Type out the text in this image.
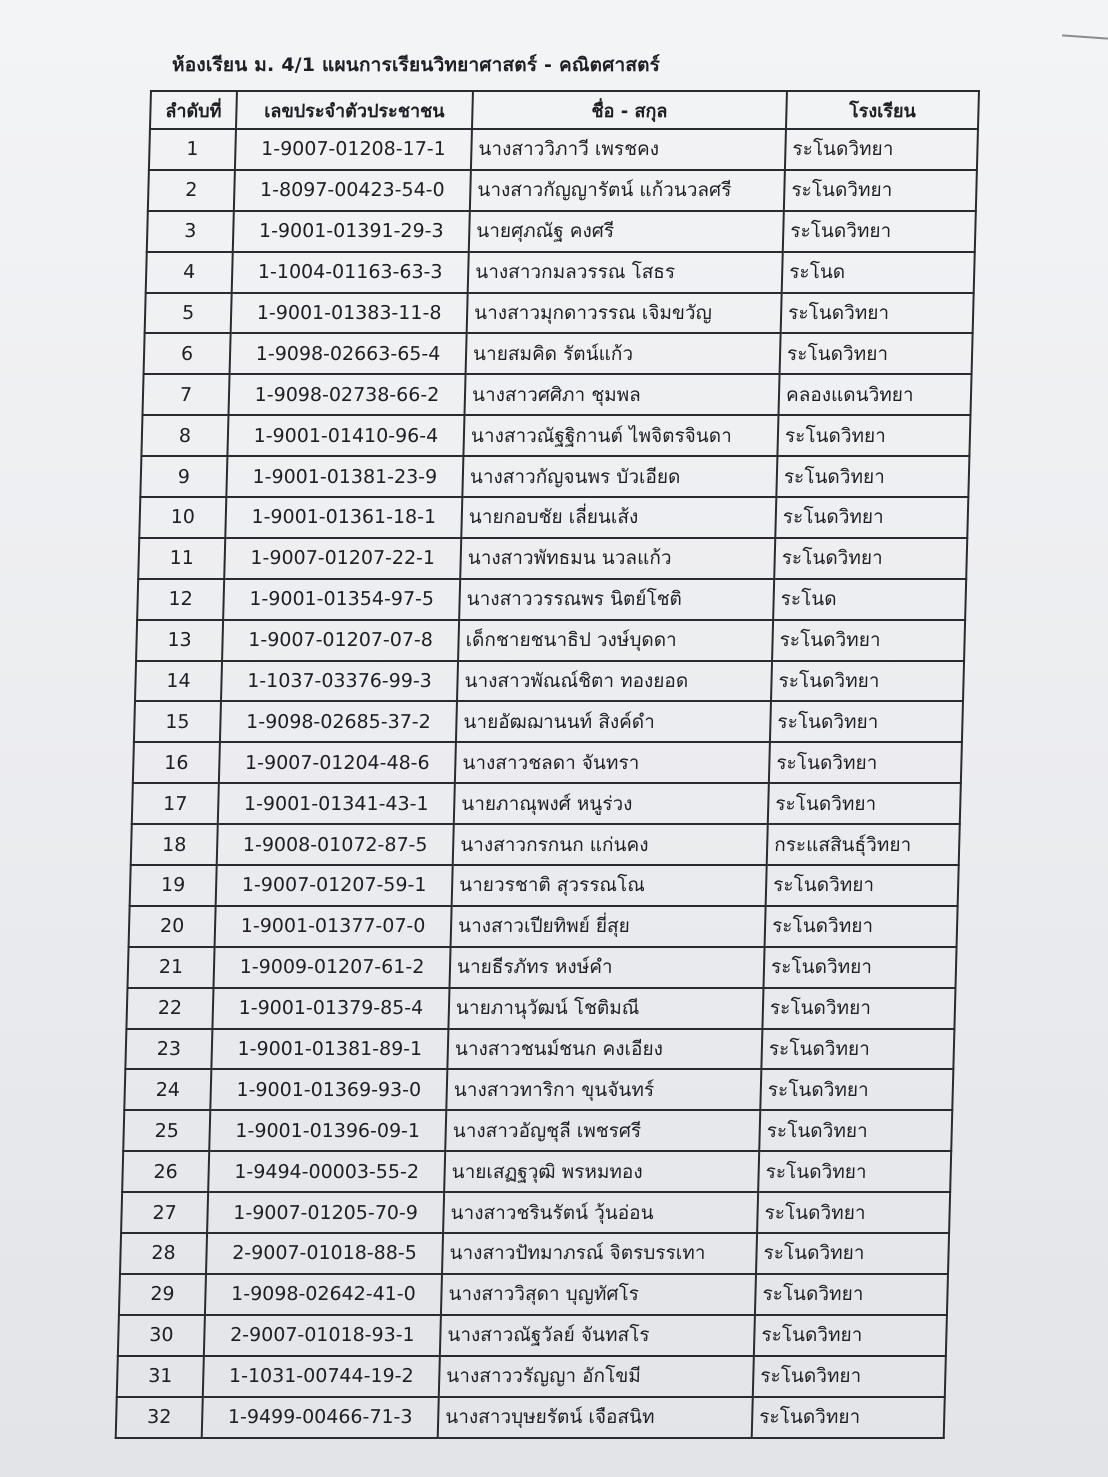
ห้องเรียน ม. 4/1 แผนการเรียนวิทยาศาสตร์ - คณิตศาสตร์
ลำดับที่	เลขประจำตัวประชาชน	ชื่อ - สกุล	โรงเรียน
1	1-9007-01208-17-1	นางสาววิภาวี เพรชคง	ระโนดวิทยา
2	1-8097-00423-54-0	นางสาวกัญญารัตน์ แก้วนวลศรี	ระโนดวิทยา
3	1-9001-01391-29-3	นายศุภณัฐ คงศรี	ระโนดวิทยา
4	1-1004-01163-63-3	นางสาวกมลวรรณ โสธร	ระโนด
5	1-9001-01383-11-8	นางสาวมุกดาวรรณ เจิมขวัญ	ระโนดวิทยา
6	1-9098-02663-65-4	นายสมคิด รัตน์แก้ว	ระโนดวิทยา
7	1-9098-02738-66-2	นางสาวศศิภา ชุมพล	คลองแดนวิทยา
8	1-9001-01410-96-4	นางสาวณัฐฐิกานต์ ไพจิตรจินดา	ระโนดวิทยา
9	1-9001-01381-23-9	นางสาวกัญจนพร บัวเอียด	ระโนดวิทยา
10	1-9001-01361-18-1	นายกอบชัย เลี่ยนเส้ง	ระโนดวิทยา
11	1-9007-01207-22-1	นางสาวพัทธมน นวลแก้ว	ระโนดวิทยา
12	1-9001-01354-97-5	นางสาววรรณพร นิตย์โชติ	ระโนด
13	1-9007-01207-07-8	เด็กชายชนาธิป วงษ์บุดดา	ระโนดวิทยา
14	1-1037-03376-99-3	นางสาวพัณณ์ชิตา ทองยอด	ระโนดวิทยา
15	1-9098-02685-37-2	นายอัฒฌานนท์ สิงค์ดำ	ระโนดวิทยา
16	1-9007-01204-48-6	นางสาวชลดา จันทรา	ระโนดวิทยา
17	1-9001-01341-43-1	นายภาณุพงศ์ หนูร่วง	ระโนดวิทยา
18	1-9008-01072-87-5	นางสาวกรกนก แก่นคง	กระแสสินธุ์วิทยา
19	1-9007-01207-59-1	นายวรชาติ สุวรรณโณ	ระโนดวิทยา
20	1-9001-01377-07-0	นางสาวเปียทิพย์ ยี่สุย	ระโนดวิทยา
21	1-9009-01207-61-2	นายธีรภัทร หงษ์คำ	ระโนดวิทยา
22	1-9001-01379-85-4	นายภานุวัฒน์ โชติมณี	ระโนดวิทยา
23	1-9001-01381-89-1	นางสาวชนม์ชนก คงเอียง	ระโนดวิทยา
24	1-9001-01369-93-0	นางสาวทาริกา ขุนจันทร์	ระโนดวิทยา
25	1-9001-01396-09-1	นางสาวอัญชุลี เพชรศรี	ระโนดวิทยา
26	1-9494-00003-55-2	นายเสฏฐวุฒิ พรหมทอง	ระโนดวิทยา
27	1-9007-01205-70-9	นางสาวชรินรัตน์ วุ้นอ่อน	ระโนดวิทยา
28	2-9007-01018-88-5	นางสาวปัทมาภรณ์ จิตรบรรเทา	ระโนดวิทยา
29	1-9098-02642-41-0	นางสาววิสุดา บุญทัศโร	ระโนดวิทยา
30	2-9007-01018-93-1	นางสาวณัฐวัลย์ จันทสโร	ระโนดวิทยา
31	1-1031-00744-19-2	นางสาววรัญญา อักโขมี	ระโนดวิทยา
32	1-9499-00466-71-3	นางสาวบุษยรัตน์ เจือสนิท	ระโนดวิทยา
